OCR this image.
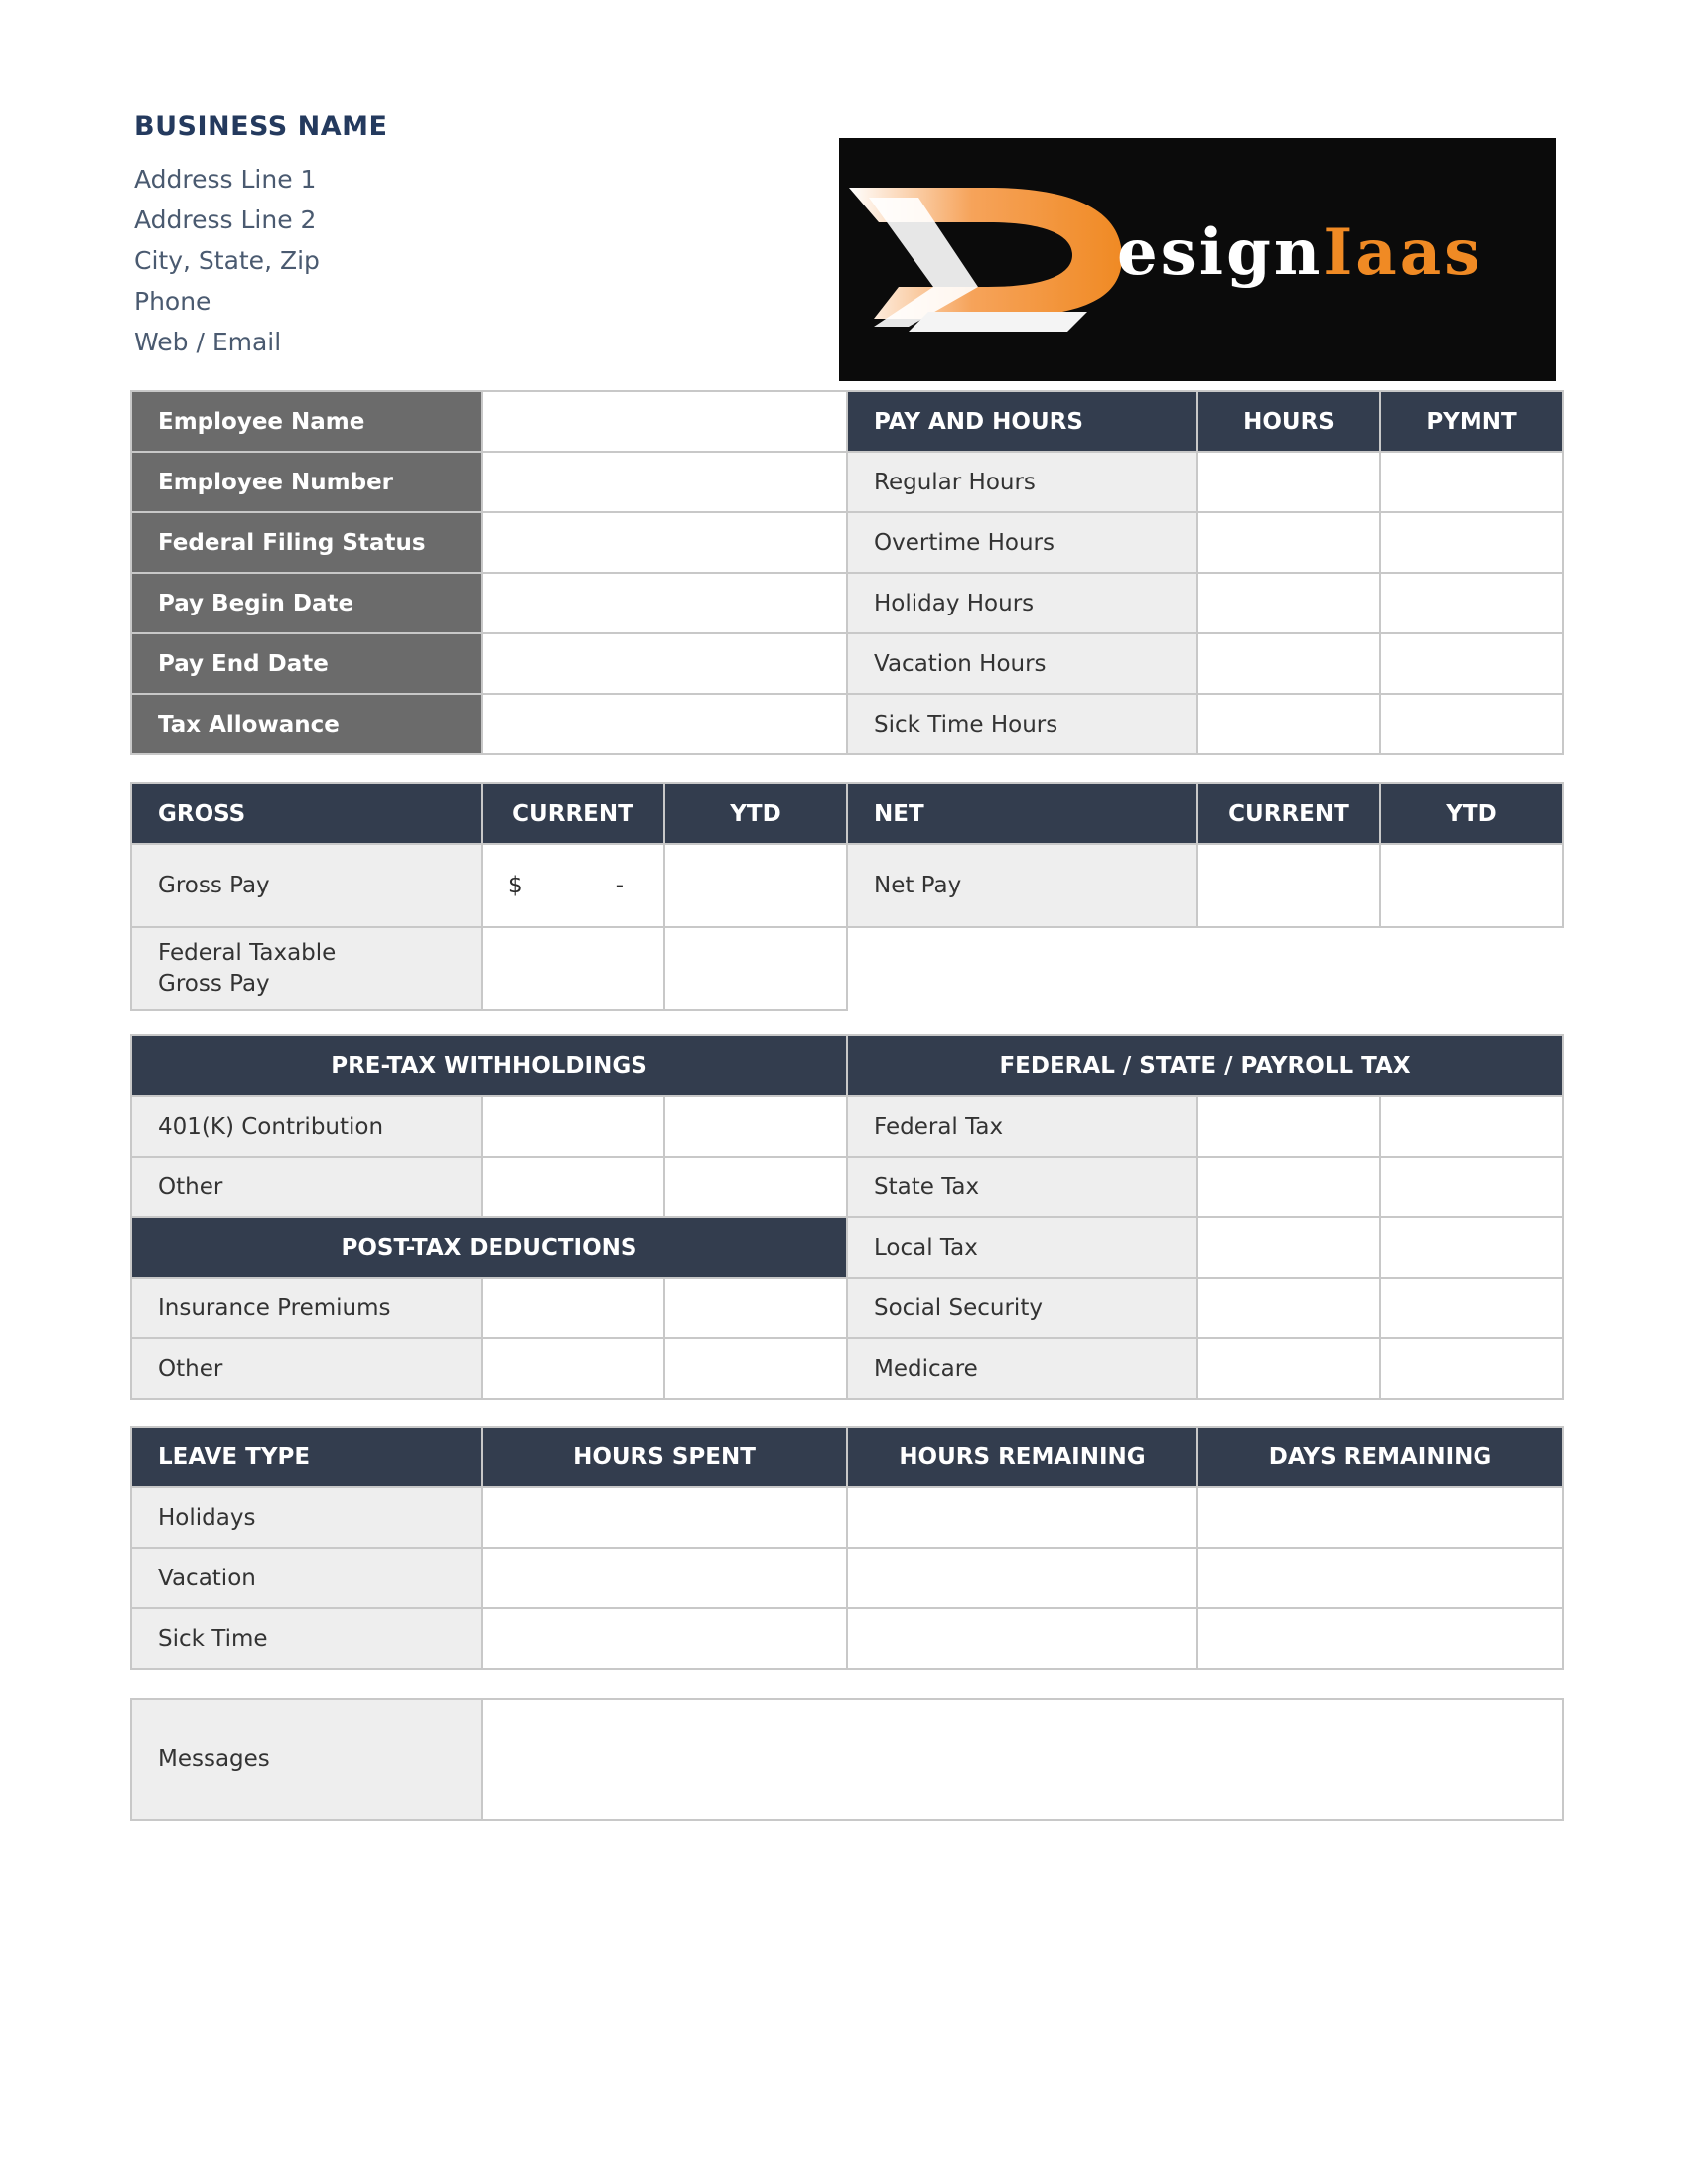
BUSINESS NAME
Address Line 1
Address Line 2
City, State, Zip
Phone
Web / Email
esignIaas
Employee Name		PAY AND HOURS	HOURS	PYMNT
Employee Number		Regular Hours		
Federal Filing Status		Overtime Hours		
Pay Begin Date		Holiday Hours		
Pay End Date		Vacation Hours		
Tax Allowance		Sick Time Hours		
GROSS	CURRENT	YTD	NET	CURRENT	YTD
Gross Pay	$ -		Net Pay		

Federal Taxable
Gross Pay					

PRE-TAX WITHHOLDINGS			FEDERAL / STATE / PAYROLL TAX		
401(K) Contribution			Federal Tax		
Other			State Tax		
POST-TAX DEDUCTIONS			Local Tax		
Insurance Premiums			Social Security		
Other			Medicare		
LEAVE TYPE	HOURS SPENT	HOURS REMAINING	DAYS REMAINING
Holidays			
Vacation			
Sick Time			
Messages	
